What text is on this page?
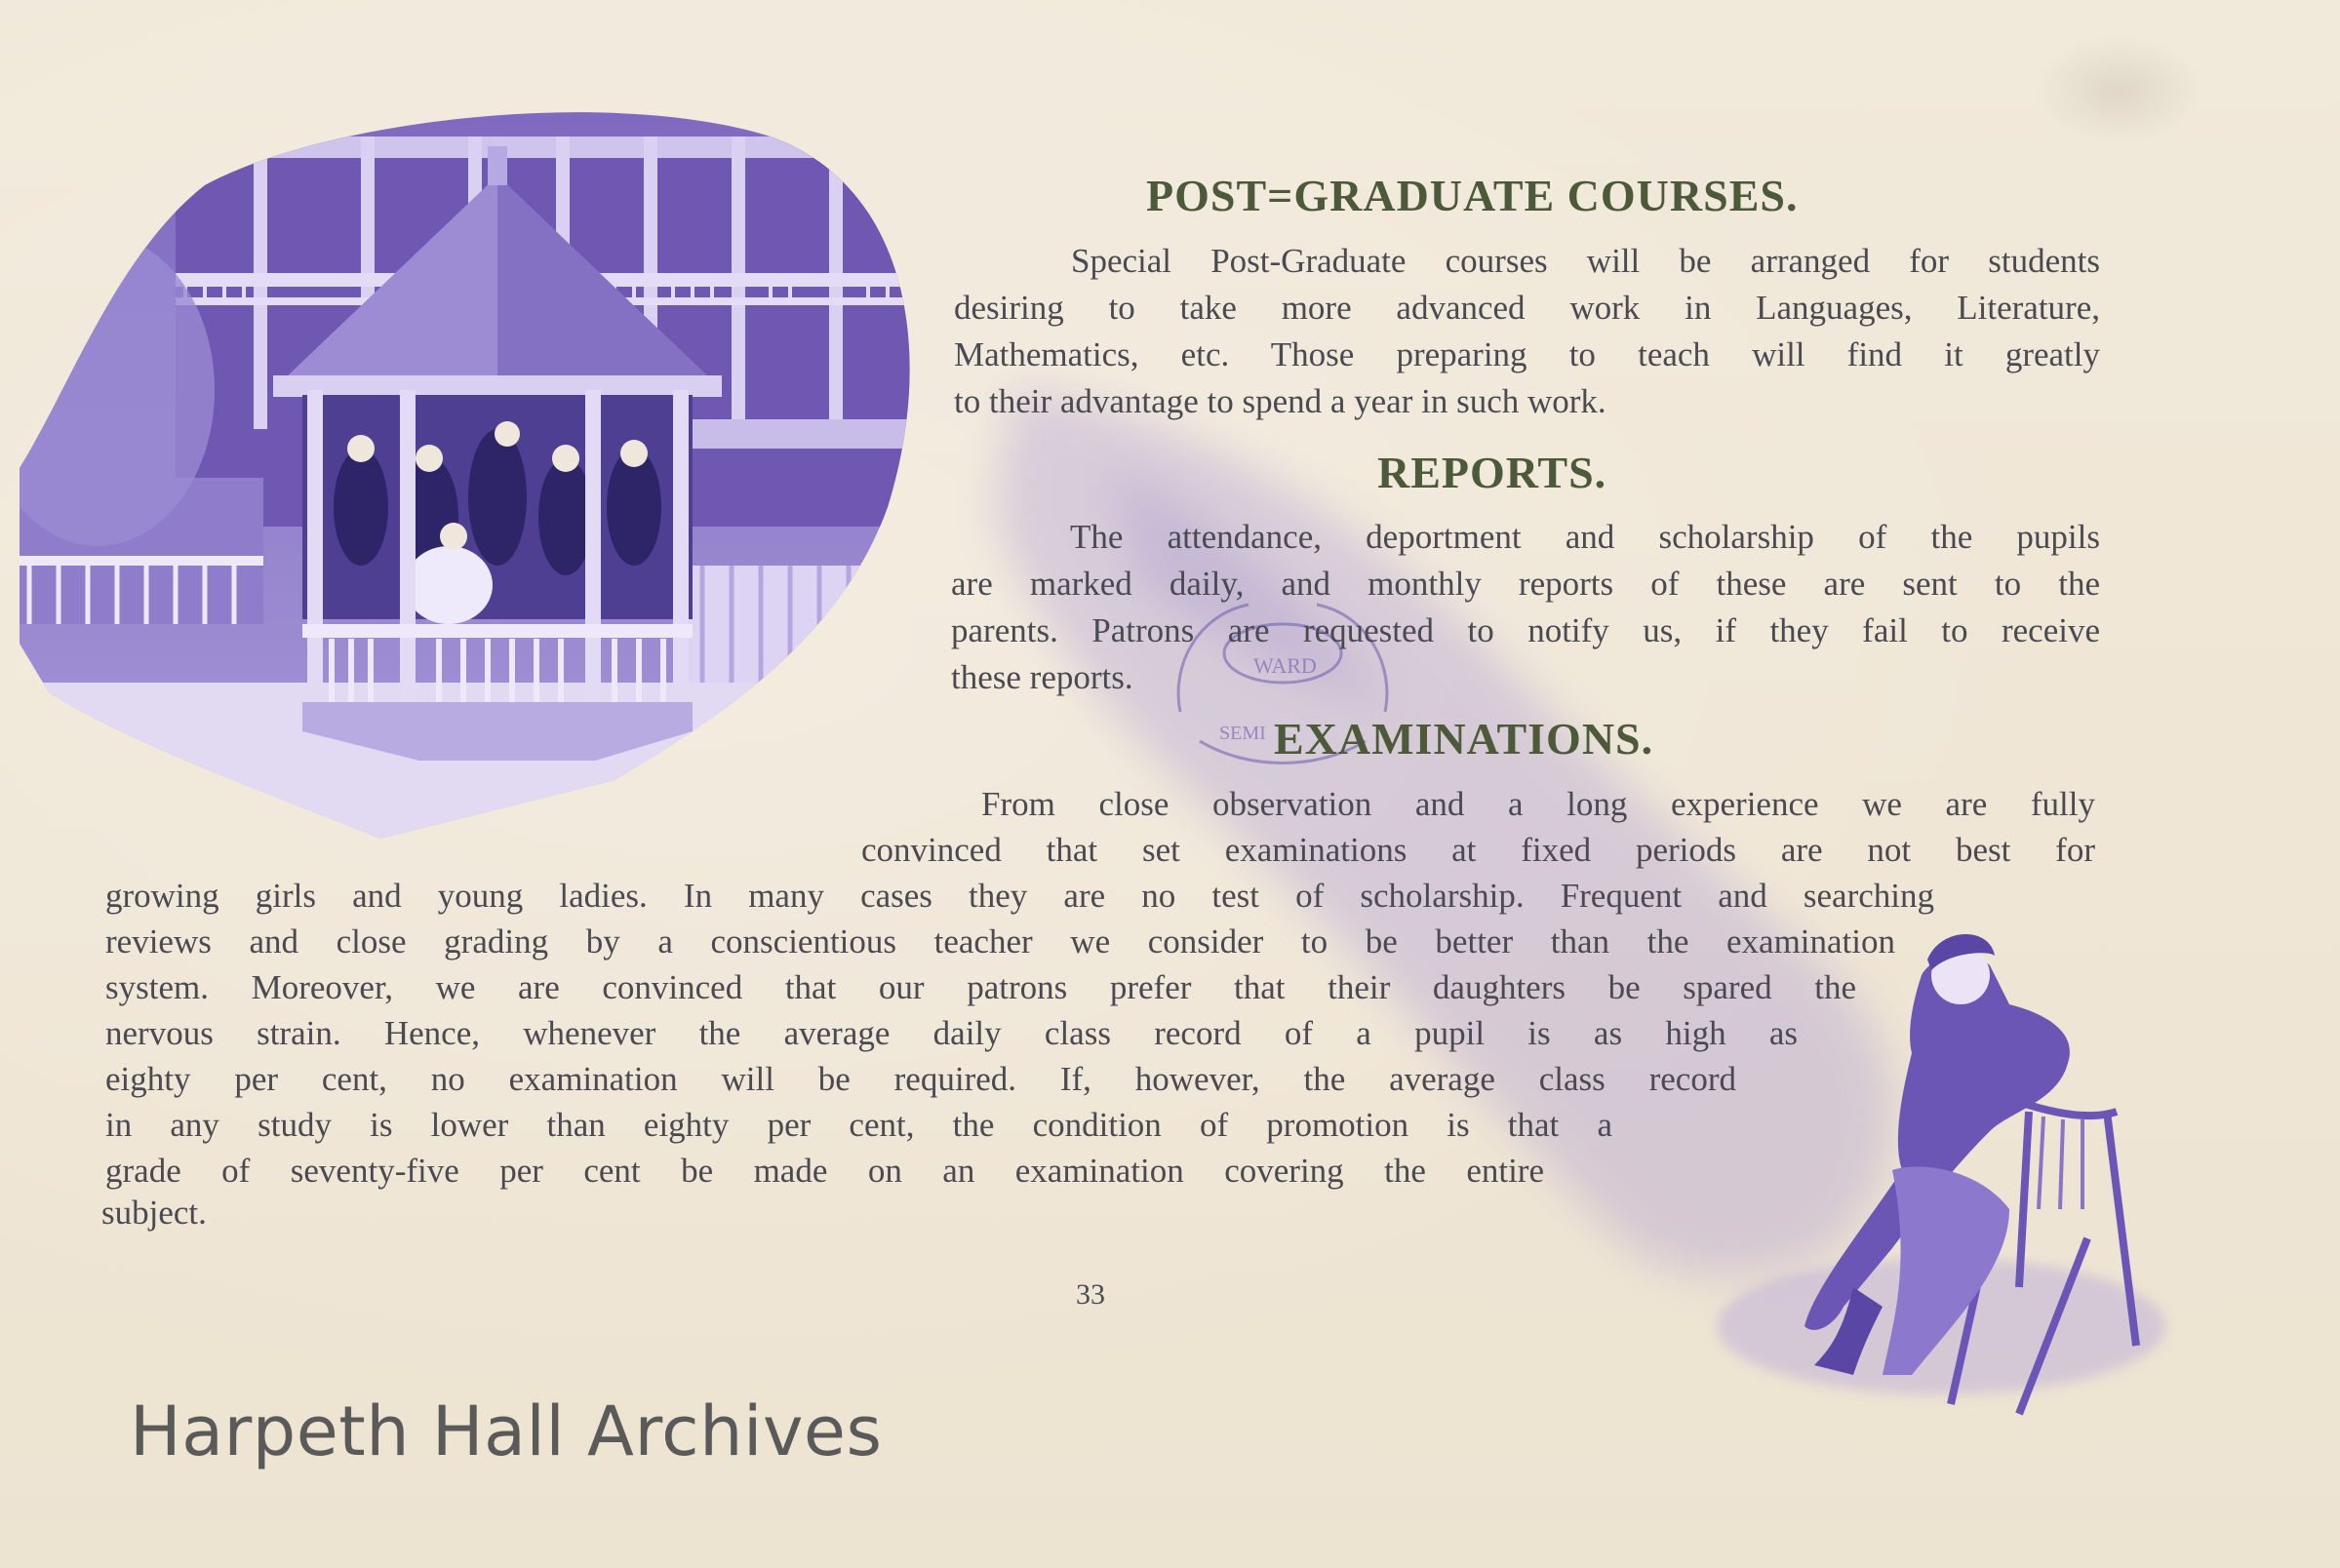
WARD
SEMI
POST=GRADUATE COURSES.
Special Post-Graduate courses will be arranged for students
desiring to take more advanced work in Languages, Literature,
Mathematics, etc. Those preparing to teach will find it greatly
to their advantage to spend a year in such work.
REPORTS.
The attendance, deportment and scholarship of the pupils
are marked daily, and monthly reports of these are sent to the
parents. Patrons are requested to notify us, if they fail to receive
these reports.
EXAMINATIONS.
From close observation and a long experience we are fully
convinced that set examinations at fixed periods are not best for
growing girls and young ladies. In many cases they are no test of scholarship. Frequent and searching
reviews and close grading by a conscientious teacher we consider to be better than the examination
system. Moreover, we are convinced that our patrons prefer that their daughters be spared the
nervous strain. Hence, whenever the average daily class record of a pupil is as high as
eighty per cent, no examination will be required. If, however, the average class record
in any study is lower than eighty per cent, the condition of promotion is that a
grade of seventy-five per cent be made on an examination covering the entire
subject.
33
Harpeth Hall Archives
